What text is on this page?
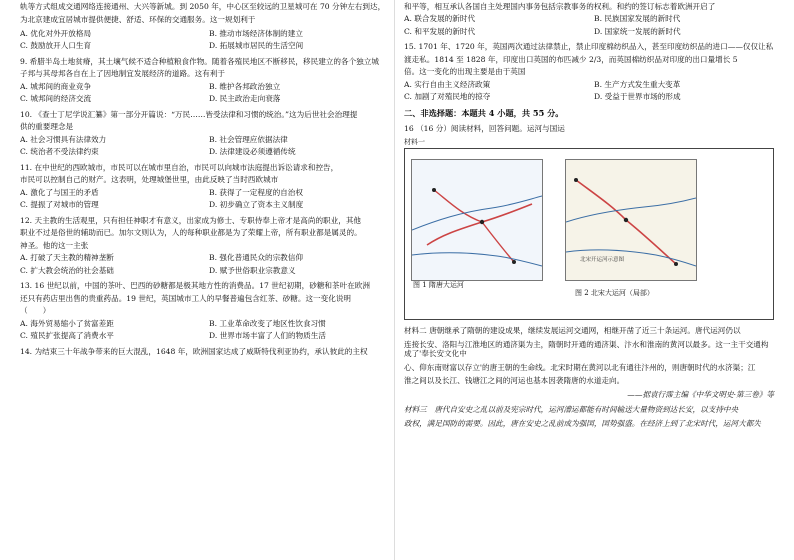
轨等方式组成交通网络连接通州、大兴等新城。到 2050 年，中心区至较远的卫星城可在 70 分钟左右到达，

为北京建成宜居城市提供便捷、舒适、环保的交通服务。这一规划利于

A. 优化对外开放格局	B. 推动市场经济体制的建立
C. 鼓励放开人口生育	D. 拓展城市居民的生活空间

9. 希腊半岛土地贫瘠，其土壤气候不适合种植粮食作物。随着各殖民地区不断移民，移民建立的各个独立城

子邦与其母邦各自在上了因地制宜发展经济的道路。这有利于

A. 城邦间的商业竞争	B. 维护各邦政治独立
C. 城邦间的经济交流	D. 民主政治走向衰落

10. 《查士丁尼学说汇纂》第一部分开篇说：“万民……皆受法律和习惯的统治。”这为后世社会治理提

供的重要理念是

A. 社会习惯具有法律效力	B. 社会管理应依据法律
C. 统治者不受法律约束	D. 法律建设必须遵循传统

11. 在中世纪的西欧城市，市民可以在城市里自治，市民可以向城市法庭提出诉讼请求和控告，

市民可以控制自己的财产。这表明，处理城堡世里，由此反映了当时西欧城市

A. 激化了与国王的矛盾	B. 获得了一定程度的自治权
C. 提振了对城市的管理	D. 初步确立了资本主义制度

12. 天主教的生活观里，只有担任神职才有意义，出家成为修士、专职侍奉上帝才是高尚的职业，其他

职业不过是俗世的辅助而已。加尔文则认为，人的每种职业都是为了荣耀上帝，所有职业都是属灵的。

神圣。他的这一主张

A. 打破了天主教的精神垄断	B. 强化普通民众的宗教信仰
C. 扩大教会统治的社会基础	D. 赋予世俗职业宗教意义

13. 16 世纪以前，中国的茶叶、巴西的砂糖都是极其地方性的消费品。17 世纪初期，砂糖和茶叶在欧洲

还只有药店里出售的贵重药品。19 世纪，英国城市工人的早餐普遍包含红茶、砂糖。这一变化说明

（　　）

A. 海外贸易缩小了贫富差距	B. 工业革命改变了地区性饮食习惯
C. 殖民扩张提高了消费水平	D. 世界市场丰富了人们的物质生活

14. 为结束三十年战争带来的巨大混乱，1648 年，欧洲国家达成了威斯特伐利亚协约，承认彼此的主权

和平等，相互承认各国自主处理国内事务包括宗教事务的权利。和约的签订标志着欧洲开启了

A. 联合发展的新时代	B. 民族国家发展的新时代
C. 和平发展的新时代	D. 国家统一发展的新时代

15. 1701 年、1720 年，英国两次通过法律禁止，禁止印度棉纺织品入，甚至印度纺织品的进口——仅仅让私

渡走私。1814 至 1828 年，印度出口英国的布匹减少 2/3，而英国棉纺织品对印度的出口量增长 5

倍。这一变化的出现主要是由于英国

A. 实行自由主义经济政策	B. 生产方式发生重大变革
C. 加剧了对殖民地的掠夺	D. 受益于世界市场的形成
二、非选择题：本题共 4 小题，共 55 分。
16 （16 分）阅读材料，回答问题。运河与国运
材料一
北宋开运河示意图
图 1 隋唐大运河
图 2 北宋大运河（局部）

材料二 唐朝继承了隋朝的建设成果，继续发展运河交通网，相继开凿了近三十条运河。唐代运河仍以

连接长安、洛阳与江淮地区的通济渠为主，隋朝时开通的通济渠、汴水和淮南的黄河以最多。这一主干交通构成了'奉长安文化中

心、仰东南财富以存立'的唐王朝的生命线。北宋时期在黄河以北有通往汴州的，则唐朝时代的水济渠；江

淮之间以及长江、钱塘江之间的河运也基本因袭隋唐的水道走向。

——据袁行霈主编《中华文明史·第三卷》等

材料三　唐代自安史之乱以前及宪宗时代，运河漕运都能有时间输送大量物资到达长安，以支持中央

政权，满足国防的需要。因此，唐在安史之乱前成为强国，国势强盛。在经济上到了北宋时代，运河大都失
